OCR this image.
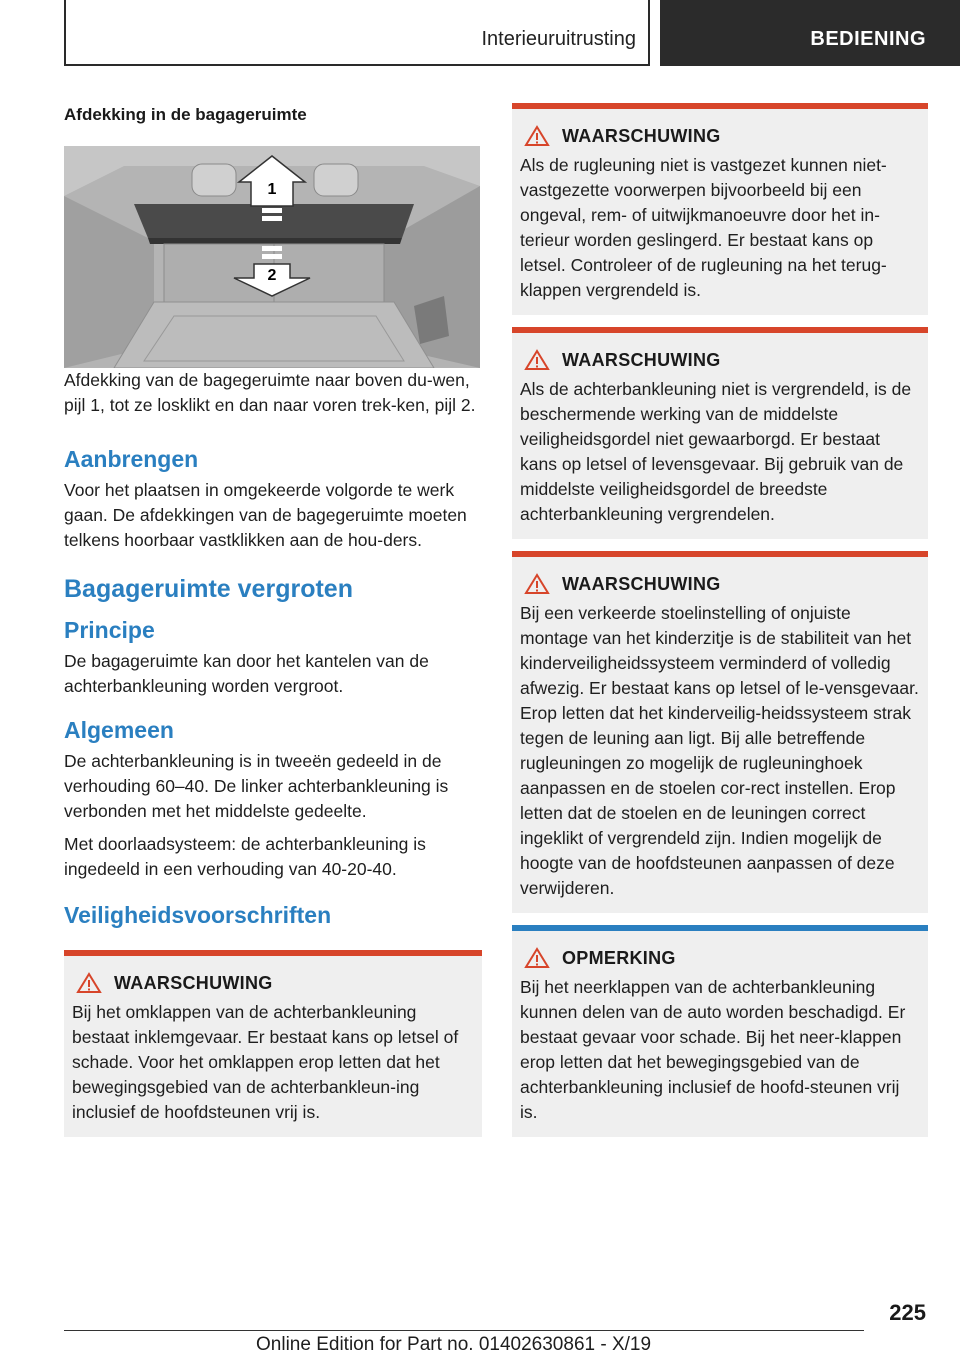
Interieuruitrusting	BEDIENING
Afdekking in de bagageruimte
1
2

Afdekking van de bagegeruimte naar boven du-wen, pijl 1, tot ze losklikt en dan naar voren trek-ken, pijl 2.

Aanbrengen

Voor het plaatsen in omgekeerde volgorde te werk gaan. De afdekkingen van de bagegeruimte moeten telkens hoorbaar vastklikken aan de hou-ders.

Bagageruimte vergroten
Principe

De bagageruimte kan door het kantelen van de achterbankleuning worden vergroot.

Algemeen

De achterbankleuning is in tweeën gedeeld in de verhouding 60–40. De linker achterbankleuning is verbonden met het middelste gedeelte.

Met doorlaadsysteem: de achterbankleuning is ingedeeld in een verhouding van 40-20-40.

Veiligheidsvoorschriften
WAARSCHUWING

Bij het omklappen van de achterbankleuning bestaat inklemgevaar. Er bestaat kans op letsel of schade. Voor het omklappen erop letten dat het bewegingsgebied van de achterbankleun-ing inclusief de hoofdsteunen vrij is.

WAARSCHUWING

Als de rugleuning niet is vastgezet kunnen niet-vastgezette voorwerpen bijvoorbeeld bij een ongeval, rem- of uitwijkmanoeuvre door het in-terieur worden geslingerd. Er bestaat kans op letsel. Controleer of de rugleuning na het terug-klappen vergrendeld is.

WAARSCHUWING

Als de achterbankleuning niet is vergrendeld, is de beschermende werking van de middelste veiligheidsgordel niet gewaarborgd. Er bestaat kans op letsel of levensgevaar. Bij gebruik van de middelste veiligheidsgordel de breedste achterbankleuning vergrendelen.

WAARSCHUWING

Bij een verkeerde stoelinstelling of onjuiste montage van het kinderzitje is de stabiliteit van het kinderveiligheidssysteem verminderd of volledig afwezig. Er bestaat kans op letsel of le-vensgevaar. Erop letten dat het kinderveilig-heidssysteem strak tegen de leuning aan ligt. Bij alle betreffende rugleuningen zo mogelijk de rugleuninghoek aanpassen en de stoelen cor-rect instellen. Erop letten dat de stoelen en de leuningen correct ingeklikt of vergrendeld zijn. Indien mogelijk de hoogte van de hoofdsteunen aanpassen of deze verwijderen.

OPMERKING

Bij het neerklappen van de achterbankleuning kunnen delen van de auto worden beschadigd. Er bestaat gevaar voor schade. Bij het neer-klappen erop letten dat het bewegingsgebied van de achterbankleuning inclusief de hoofd-steunen vrij is.

225
Online Edition for Part no. 01402630861 - X/19
